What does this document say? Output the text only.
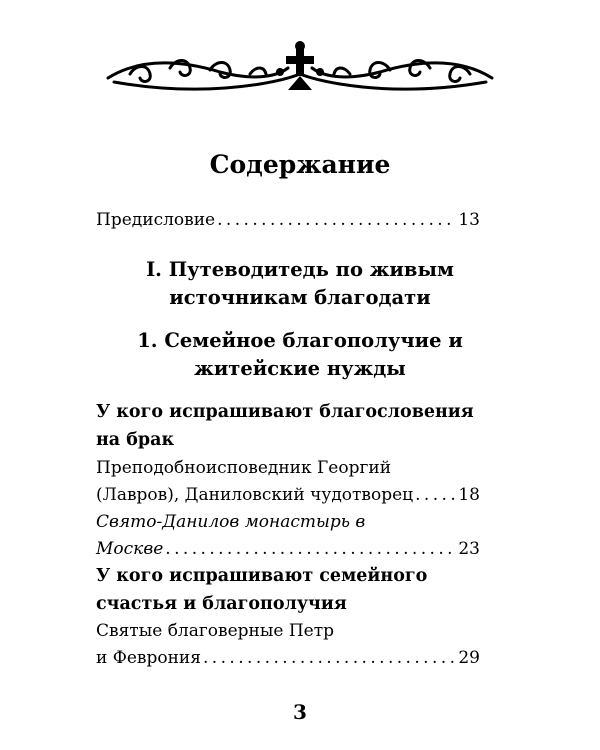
Содержание
Предисловие . . .	13
I. Путеводитедь по живым
источникам благодати
1. Семейное благополучие и
житейские нужды
У кого испрашивают благословения
на брак
Преподобноисповедник Георгий
(Лавров), Даниловский чудотворец . . .	18
Свято-Данилов монастырь в
Москве . . .	23
У кого испрашивают семейного
счастья и благополучия
Святые благоверные Петр
и Феврония . . .	29
3
